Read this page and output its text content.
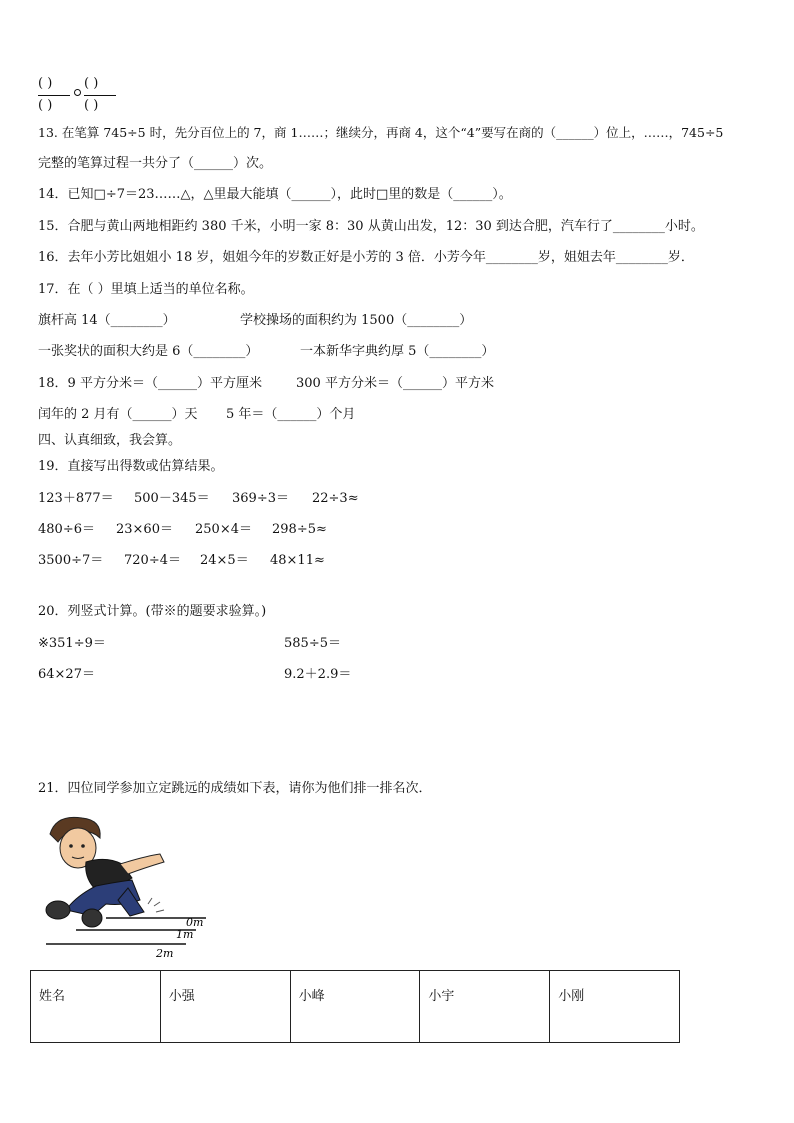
( )
( )
( )
( )
13. 在笔算 745÷5 时，先分百位上的 7，商 1……；继续分，再商 4，这个“4”要写在商的（______）位上，……，745÷5
完整的笔算过程一共分了（______）次。
14．已知□÷7＝23……△，△里最大能填（______），此时□里的数是（______）。
15．合肥与黄山两地相距约 380 千米，小明一家 8：30 从黄山出发，12：30 到达合肥，汽车行了________小时。
16．去年小芳比姐姐小 18 岁，姐姐今年的岁数正好是小芳的 3 倍．小芳今年________岁，姐姐去年________岁．
17．在（ ）里填上适当的单位名称。
旗杆高 14（________）	学校操场的面积约为 1500（________）
一张奖状的面积大约是 6（________）	一本新华字典约厚 5（________）
18．9 平方分米＝（______）平方厘米	300 平方分米＝（______）平方米
闰年的 2 月有（______）天 5 年＝（______）个月
四、认真细致，我会算。
19．直接写出得数或估算结果。
123＋877＝ 500－345＝ 369÷3＝ 22÷3≈
480÷6＝ 23×60＝ 250×4＝ 298÷5≈
3500÷7＝ 720÷4＝ 24×5＝ 48×11≈
20．列竖式计算。(带※的题要求验算。)
※351÷9＝	585÷5＝
64×27＝	9.2＋2.9＝
21．四位同学参加立定跳远的成绩如下表，请你为他们排一排名次．
0m
1m
2m
姓名	小强	小峰	小宇	小刚
